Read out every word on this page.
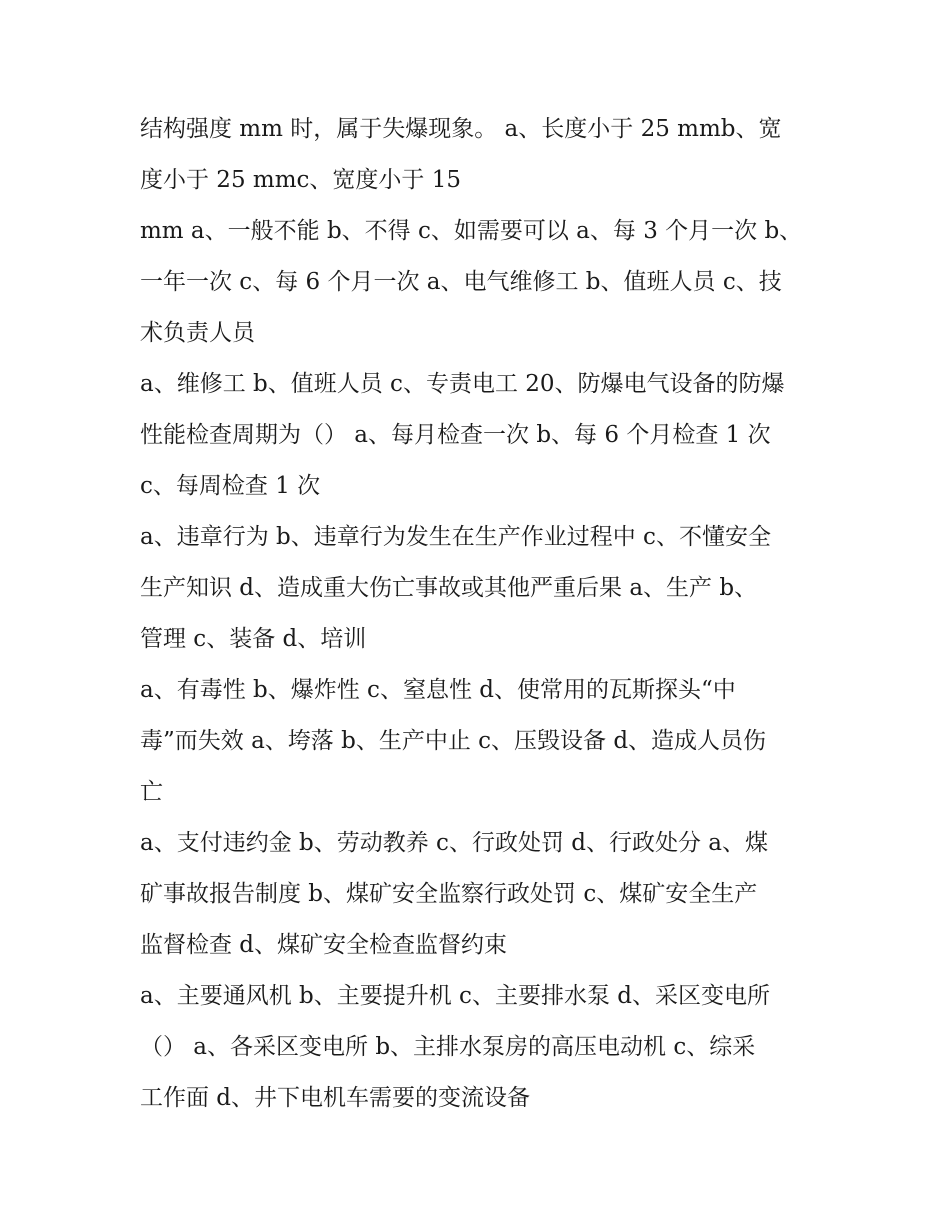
结构强度 mm 时，属于失爆现象。 a、长度小于 25 mmb、宽
度小于 25 mmc、宽度小于 15
mm a、一般不能 b、不得 c、如需要可以 a、每 3 个月一次 b、
一年一次 c、每 6 个月一次 a、电气维修工 b、值班人员 c、技
术负责人员
a、维修工 b、值班人员 c、专责电工 20、防爆电气设备的防爆
性能检查周期为（） a、每月检查一次 b、每 6 个月检查 1 次
c、每周检查 1 次
a、违章行为 b、违章行为发生在生产作业过程中 c、不懂安全
生产知识 d、造成重大伤亡事故或其他严重后果 a、生产 b、
管理 c、装备 d、培训
a、有毒性 b、爆炸性 c、窒息性 d、使常用的瓦斯探头“中
毒”而失效 a、垮落 b、生产中止 c、压毁设备 d、造成人员伤
亡
a、支付违约金 b、劳动教养 c、行政处罚 d、行政处分 a、煤
矿事故报告制度 b、煤矿安全监察行政处罚 c、煤矿安全生产
监督检查 d、煤矿安全检查监督约束
a、主要通风机 b、主要提升机 c、主要排水泵 d、采区变电所
（） a、各采区变电所 b、主排水泵房的高压电动机 c、综采
工作面 d、井下电机车需要的变流设备
